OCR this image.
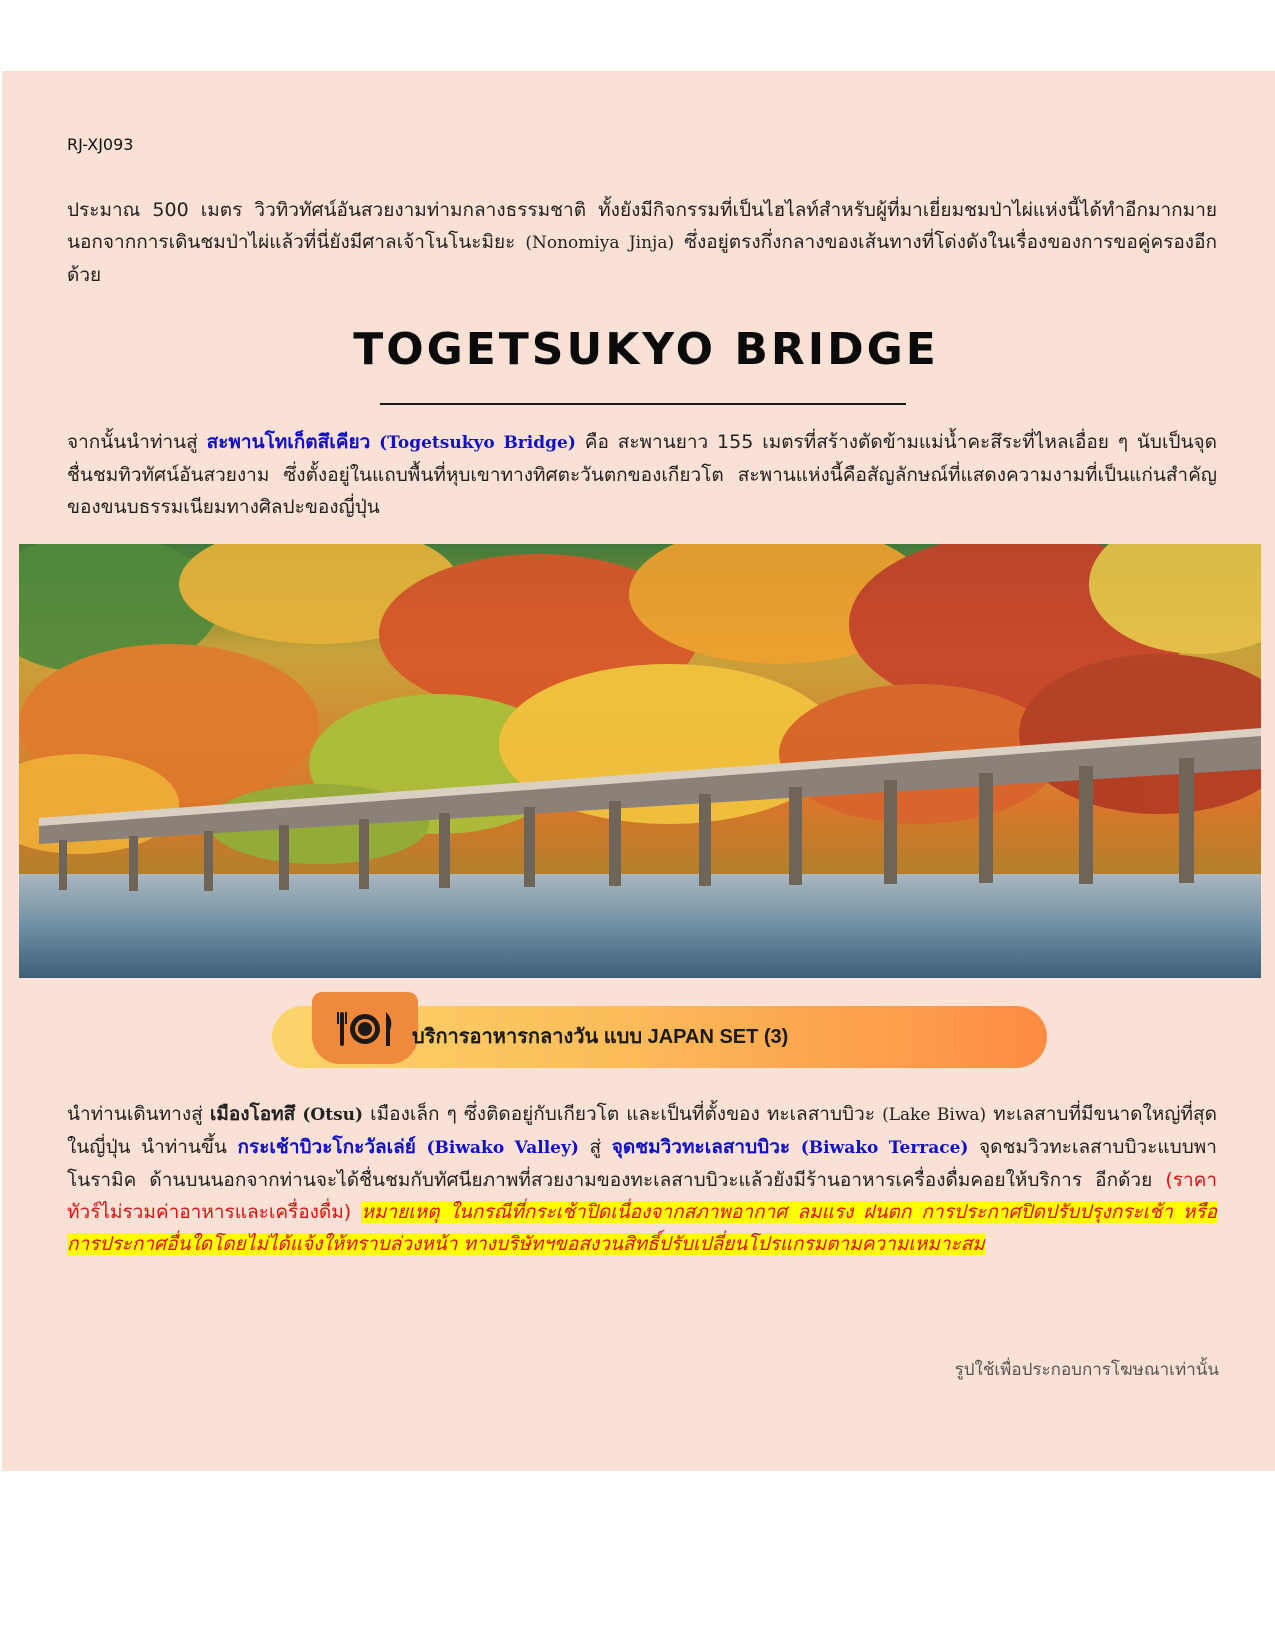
RJ-XJ093

ประมาณ 500 เมตร วิวทิวทัศน์อันสวยงามท่ามกลางธรรมชาติ ทั้งยังมีกิจกรรมที่เป็นไฮไลท์สำหรับผู้ที่มาเยี่ยมชมป่าไผ่แห่งนี้ได้ทำอีกมากมาย นอกจากการเดินชมป่าไผ่แล้วที่นี่ยังมีศาลเจ้าโนโนะมิยะ (Nonomiya Jinja) ซึ่งอยู่ตรงกึ่งกลางของเส้นทางที่โด่งดังในเรื่องของการขอคู่ครองอีกด้วย

TOGETSUKYO BRIDGE

จากนั้นนำท่านสู่ สะพานโทเก็ตสึเคียว (Togetsukyo Bridge) คือ สะพานยาว 155 เมตรที่สร้างตัดข้ามแม่น้ำคะสึระที่ไหลเอื่อย ๆ นับเป็นจุดชื่นชมทิวทัศน์อันสวยงาม ซึ่งตั้งอยู่ในแถบพื้นที่หุบเขาทางทิศตะวันตกของเกียวโต สะพานแห่งนี้คือสัญลักษณ์ที่แสดงความงามที่เป็นแก่นสำคัญของขนบธรรมเนียมทางศิลปะของญี่ปุ่น

บริการอาหารกลางวัน แบบ JAPAN SET (3)

นำท่านเดินทางสู่ เมืองโอทสึ (Otsu) เมืองเล็ก ๆ ซึ่งติดอยู่กับเกียวโต และเป็นที่ตั้งของ ทะเลสาบบิวะ (Lake Biwa) ทะเลสาบที่มีขนาดใหญ่ที่สุดในญี่ปุ่น นำท่านขึ้น กระเช้าบิวะโกะวัลเล่ย์ (Biwako Valley) สู่ จุดชมวิวทะเลสาบบิวะ (Biwako Terrace) จุดชมวิวทะเลสาบบิวะแบบพาโนรามิค ด้านบนนอกจากท่านจะได้ชื่นชมกับทัศนียภาพที่สวยงามของทะเลสาบบิวะแล้วยังมีร้านอาหารเครื่องดื่มคอยให้บริการ อีกด้วย (ราคาทัวร์ไม่รวมค่าอาหารและเครื่องดื่ม) หมายเหตุ ในกรณีที่กระเช้าปิดเนื่องจากสภาพอากาศ ลมแรง ฝนตก การประกาศปิดปรับปรุงกระเช้า หรือการประกาศอื่นใดโดยไม่ได้แจ้งให้ทราบล่วงหน้า ทางบริษัทฯขอสงวนสิทธิ์ปรับเปลี่ยนโปรแกรมตามความเหมาะสม

รูปใช้เพื่อประกอบการโฆษณาเท่านั้น
